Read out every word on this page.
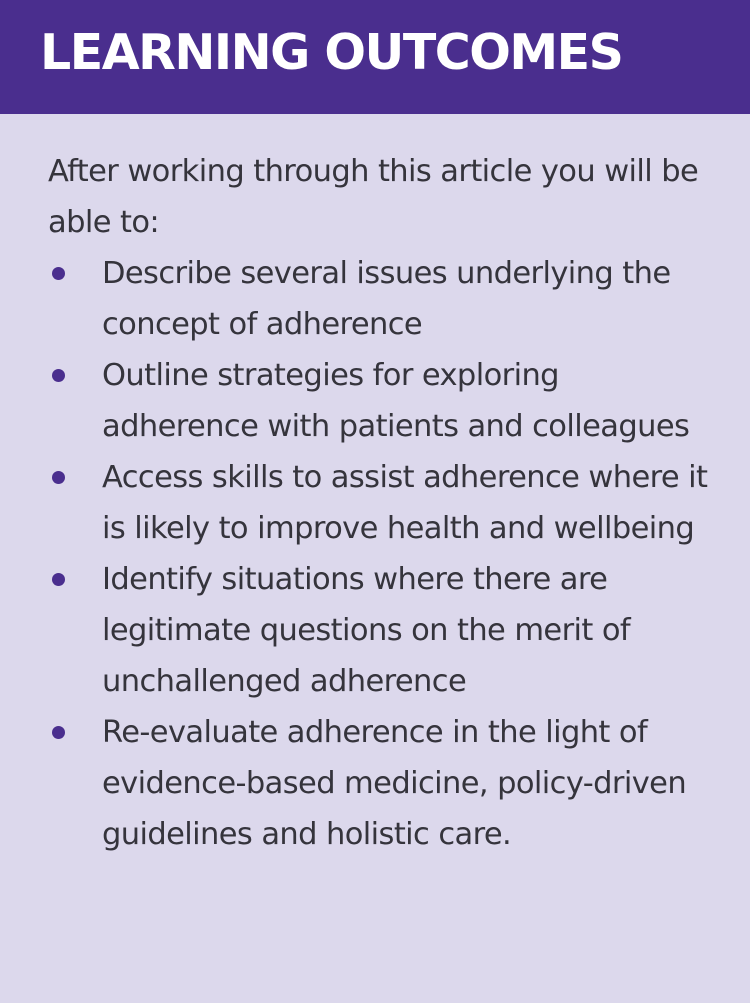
LEARNING OUTCOMES

After working through this article you will be able to:

Describe several issues underlying the concept of adherence
Outline strategies for exploring adherence with patients and colleagues
Access skills to assist adherence where it is likely to improve health and wellbeing
Identify situations where there are legitimate questions on the merit of unchallenged adherence
Re-evaluate adherence in the light of evidence-based medicine, policy-driven guidelines and holistic care.
